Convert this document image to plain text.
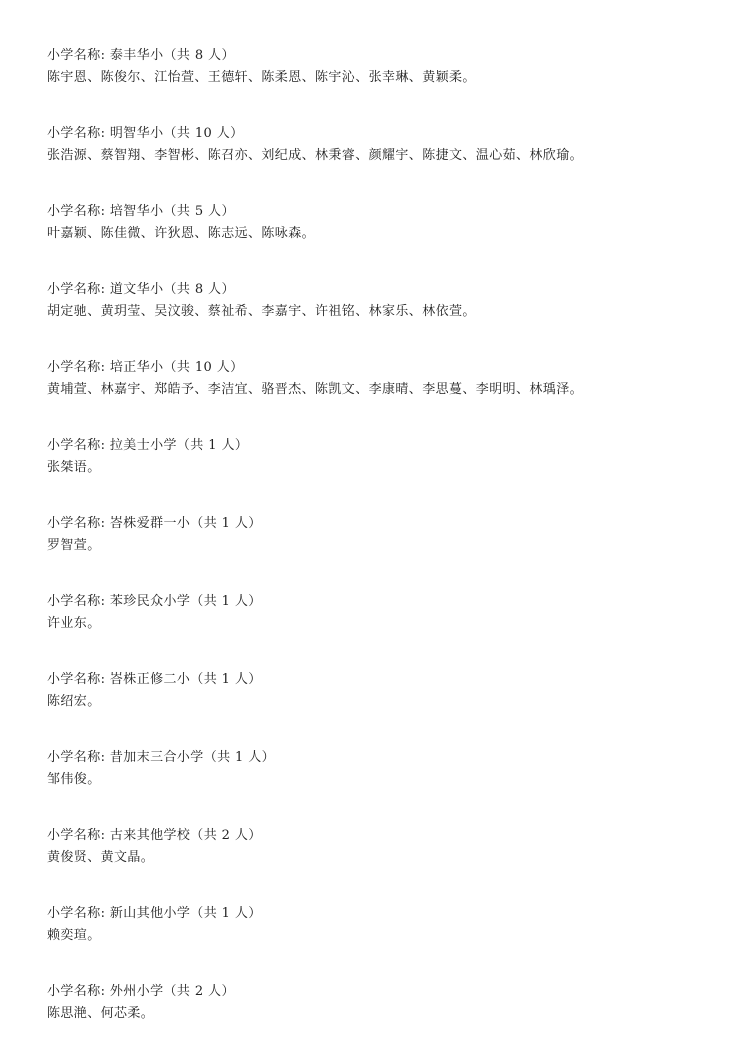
小学名称: 泰丰华小（共 8 人）
陈宇恩、陈俊尔、江怡萱、王德轩、陈柔恩、陈宇沁、张幸琳、黄颖柔。
小学名称: 明智华小（共 10 人）
张浩源、蔡智翔、李智彬、陈召亦、刘纪成、林秉睿、颜耀宇、陈捷文、温心茹、林欣瑜。
小学名称: 培智华小（共 5 人）
叶嘉颖、陈佳微、许狄恩、陈志远、陈咏森。
小学名称: 道文华小（共 8 人）
胡定驰、黄玥莹、吴汶骏、蔡祉希、李嘉宇、许祖铭、林家乐、林依萱。
小学名称: 培正华小（共 10 人）
黄埔萱、林嘉宇、郑皓予、李洁宜、骆晋杰、陈凯文、李康晴、李思蔓、李明明、林瑀泽。
小学名称: 拉美士小学（共 1 人）
张桀语。
小学名称: 峇株爱群一小（共 1 人）
罗智萱。
小学名称: 苯珍民众小学（共 1 人）
许业东。
小学名称: 峇株正修二小（共 1 人）
陈绍宏。
小学名称: 昔加末三合小学（共 1 人）
邹伟俊。
小学名称: 古来其他学校（共 2 人）
黄俊贤、黄文晶。
小学名称: 新山其他小学（共 1 人）
赖奕瑄。
小学名称: 外州小学（共 2 人）
陈思滟、何芯柔。
